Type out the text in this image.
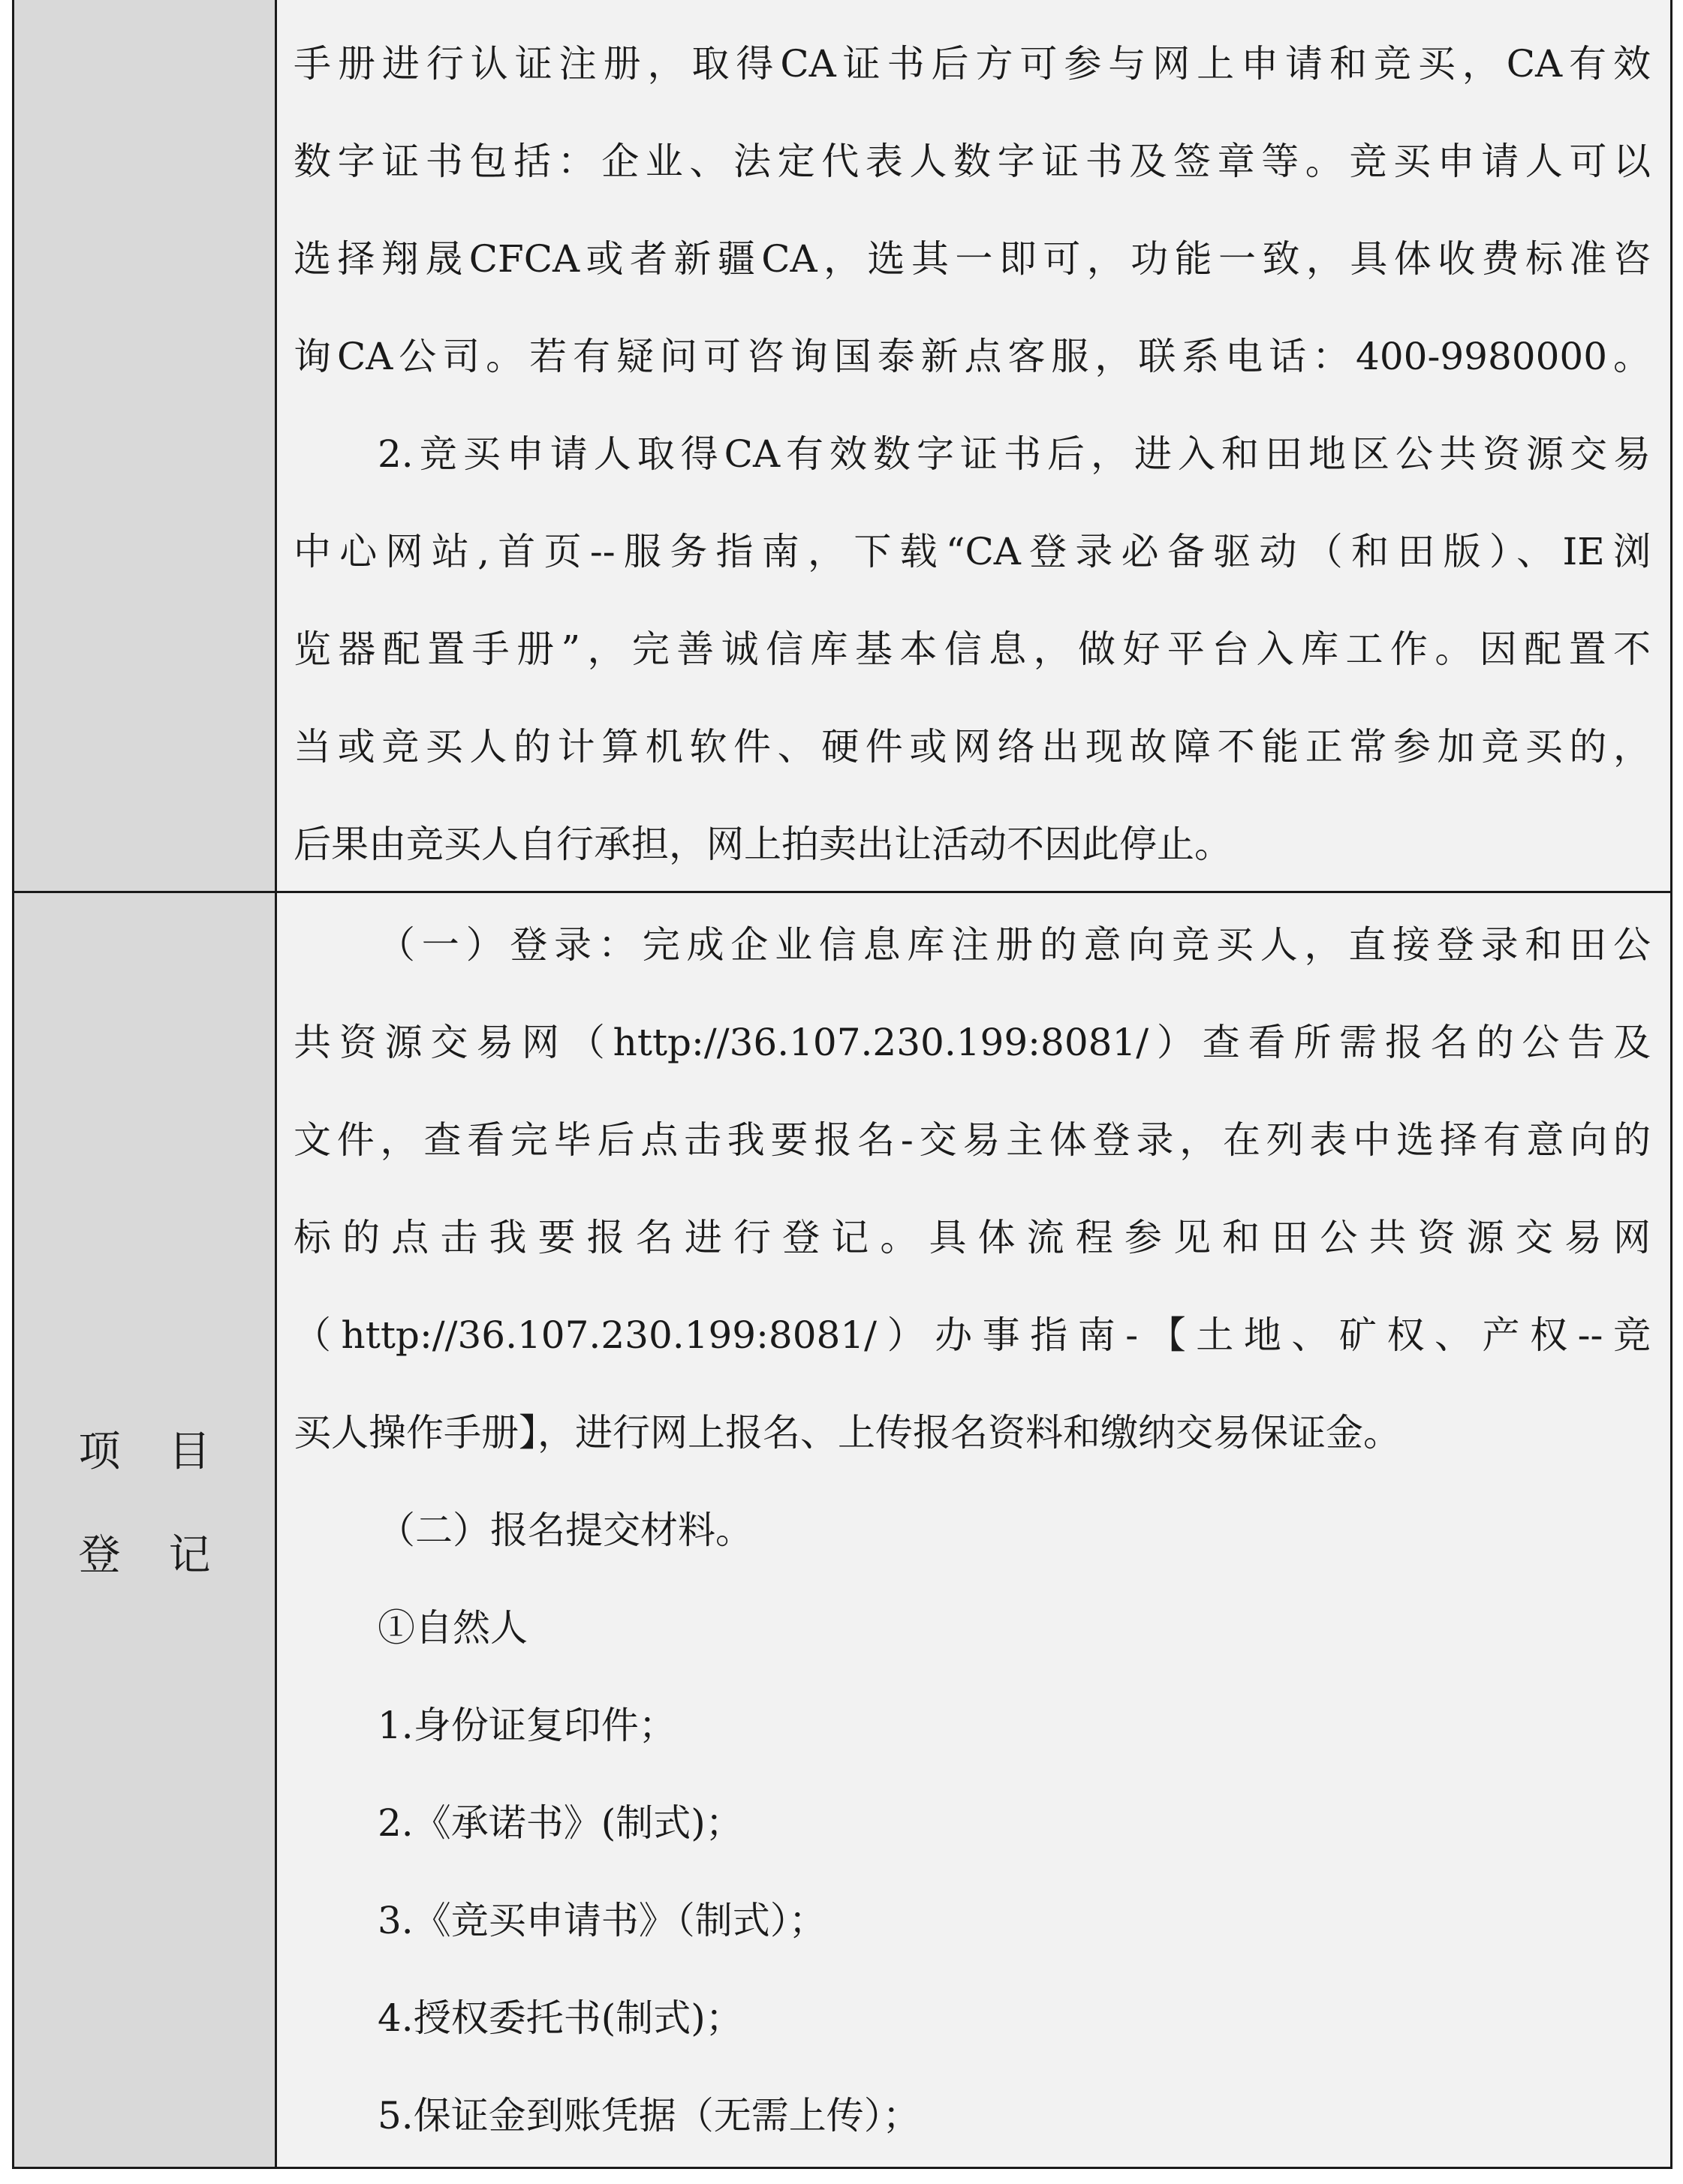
手册进行认证注册，取得CA证书后方可参与网上申请和竞买，CA有效
数字证书包括：企业、法定代表人数字证书及签章等。竞买申请人可以
选择翔晟CFCA或者新疆CA，选其一即可，功能一致，具体收费标准咨
询CA公司。若有疑问可咨询国泰新点客服，联系电话：400-9980000。
2.竞买申请人取得CA有效数字证书后，进入和田地区公共资源交易
中心网站,首页--服务指南，下载“CA登录必备驱动（和田版）、IE浏
览器配置手册”，完善诚信库基本信息，做好平台入库工作。因配置不
当或竞买人的计算机软件、硬件或网络出现故障不能正常参加竞买的，
后果由竞买人自行承担，网上拍卖出让活动不因此停止。
项目
登记
（一）登录：完成企业信息库注册的意向竞买人，直接登录和田公
共资源交易网（http://36.107.230.199:8081/）查看所需报名的公告及
文件，查看完毕后点击我要报名-交易主体登录，在列表中选择有意向的
标的点击我要报名进行登记。具体流程参见和田公共资源交易网
（http://36.107.230.199:8081/）办事指南-【土地、矿权、产权--竞
买人操作手册】，进行网上报名、上传报名资料和缴纳交易保证金。
（二）报名提交材料。
①自然人
1.身份证复印件；
2.《承诺书》(制式)；
3.《竞买申请书》（制式）；
4.授权委托书(制式)；
5.保证金到账凭据（无需上传）；
